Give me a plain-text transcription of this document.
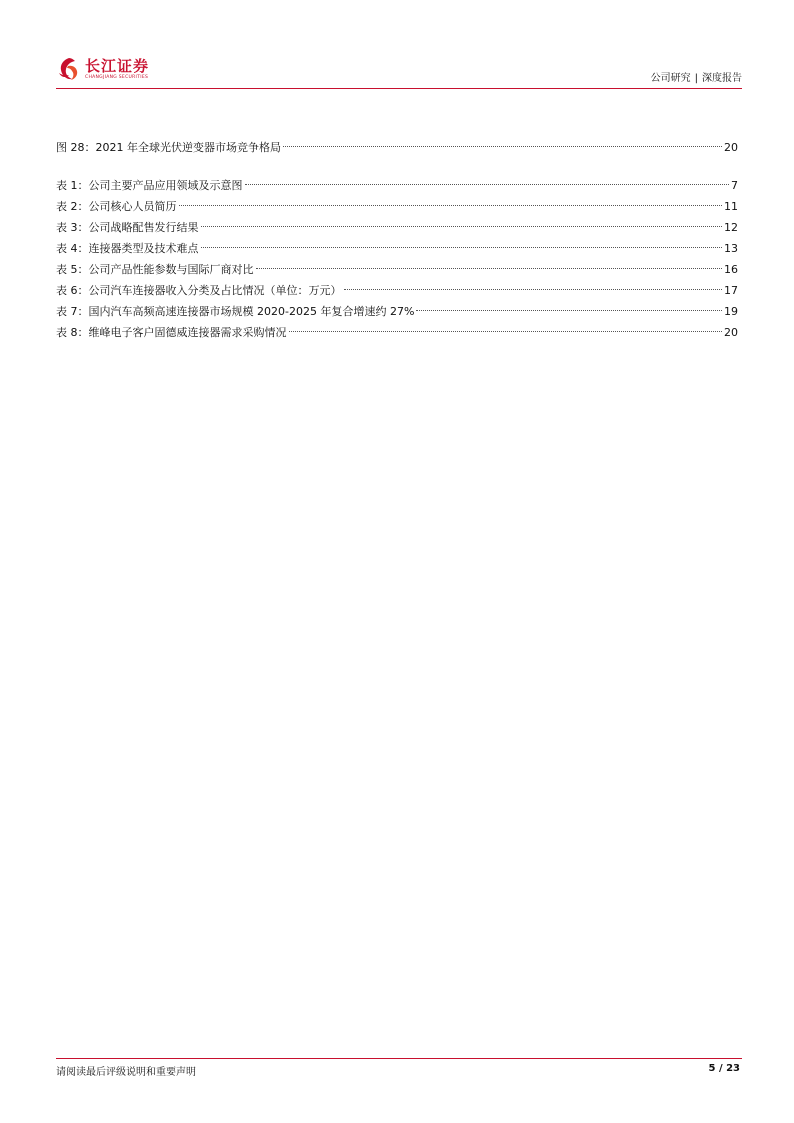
长江证券
CHANGJIANG SECURITIES	公司研究 | 深度报告
图 28：2021 年全球光伏逆变器市场竞争格局	20
表 1：公司主要产品应用领域及示意图	7
表 2：公司核心人员简历	11
表 3：公司战略配售发行结果	12
表 4：连接器类型及技术难点	13
表 5：公司产品性能参数与国际厂商对比	16
表 6：公司汽车连接器收入分类及占比情况（单位：万元）	17
表 7：国内汽车高频高速连接器市场规模 2020-2025 年复合增速约 27%	19
表 8：维峰电子客户固德威连接器需求采购情况	20
请阅读最后评级说明和重要声明	5 / 23
